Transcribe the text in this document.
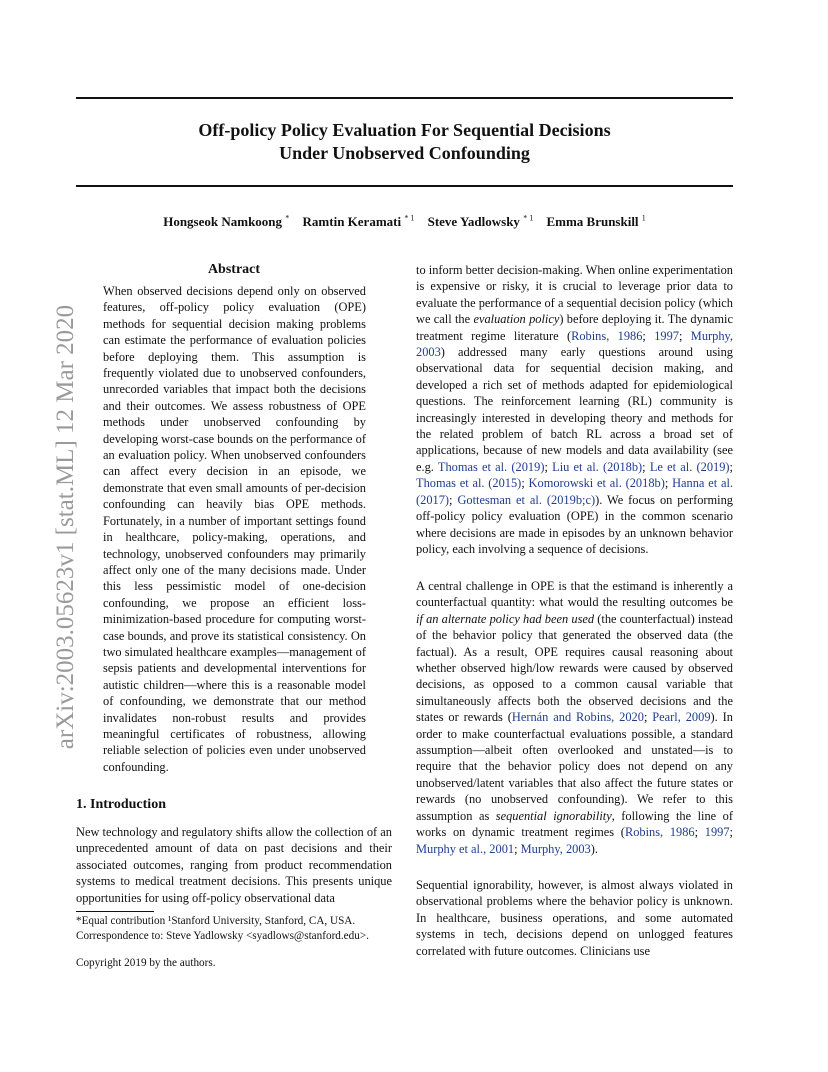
Off-policy Policy Evaluation For Sequential Decisions
Under Unobserved Confounding
Hongseok Namkoong * Ramtin Keramati $^{* 1}$ Steve Yadlowsky $^{* 1}$ Emma Brunskill $^1$
arXiv:2003.05623v1 [stat.ML] 12 Mar 2020
Abstract
When observed decisions depend only on observed features, off-policy policy evaluation (OPE) methods for sequential decision making problems can estimate the performance of evaluation policies before deploying them. This assumption is frequently violated due to unobserved confounders, unrecorded variables that impact both the decisions and their outcomes. We assess robustness of OPE methods under unobserved confounding by developing worst-case bounds on the performance of an evaluation policy. When unobserved confounders can affect every decision in an episode, we demonstrate that even small amounts of per-decision confounding can heavily bias OPE methods. Fortunately, in a number of important settings found in healthcare, policy-making, operations, and technology, unobserved confounders may primarily affect only one of the many decisions made. Under this less pessimistic model of one-decision confounding, we propose an efficient loss-minimization-based procedure for computing worst-case bounds, and prove its statistical consistency. On two simulated healthcare examples—management of sepsis patients and developmental interventions for autistic children—where this is a reasonable model of confounding, we demonstrate that our method invalidates non-robust results and provides meaningful certificates of robustness, allowing reliable selection of policies even under unobserved confounding.
1. Introduction
New technology and regulatory shifts allow the collection of an unprecedented amount of data on past decisions and their associated outcomes, ranging from product recommendation systems to medical treatment decisions. This presents unique opportunities for using off-policy observational data
*Equal contribution ¹Stanford University, Stanford, CA, USA.
Correspondence to: Steve Yadlowsky <syadlows@stanford.edu>.
Copyright 2019 by the authors.
to inform better decision-making. When online experimentation is expensive or risky, it is crucial to leverage prior data to evaluate the performance of a sequential decision policy (which we call the evaluation policy) before deploying it. The dynamic treatment regime literature (Robins, 1986; 1997; Murphy, 2003) addressed many early questions around using observational data for sequential decision making, and developed a rich set of methods adapted for epidemiological questions. The reinforcement learning (RL) community is increasingly interested in developing theory and methods for the related problem of batch RL across a broad set of applications, because of new models and data availability (see e.g. Thomas et al. (2019); Liu et al. (2018b); Le et al. (2019); Thomas et al. (2015); Komorowski et al. (2018b); Hanna et al. (2017); Gottesman et al. (2019b;c)). We focus on performing off-policy policy evaluation (OPE) in the common scenario where decisions are made in episodes by an unknown behavior policy, each involving a sequence of decisions.
A central challenge in OPE is that the estimand is inherently a counterfactual quantity: what would the resulting outcomes be if an alternate policy had been used (the counterfactual) instead of the behavior policy that generated the observed data (the factual). As a result, OPE requires causal reasoning about whether observed high/low rewards were caused by observed decisions, as opposed to a common causal variable that simultaneously affects both the observed decisions and the states or rewards (Hernán and Robins, 2020; Pearl, 2009). In order to make counterfactual evaluations possible, a standard assumption—albeit often overlooked and unstated—is to require that the behavior policy does not depend on any unobserved/latent variables that also affect the future states or rewards (no unobserved confounding). We refer to this assumption as sequential ignorability, following the line of works on dynamic treatment regimes (Robins, 1986; 1997; Murphy et al., 2001; Murphy, 2003).
Sequential ignorability, however, is almost always violated in observational problems where the behavior policy is unknown. In healthcare, business operations, and some automated systems in tech, decisions depend on unlogged features correlated with future outcomes. Clinicians use
